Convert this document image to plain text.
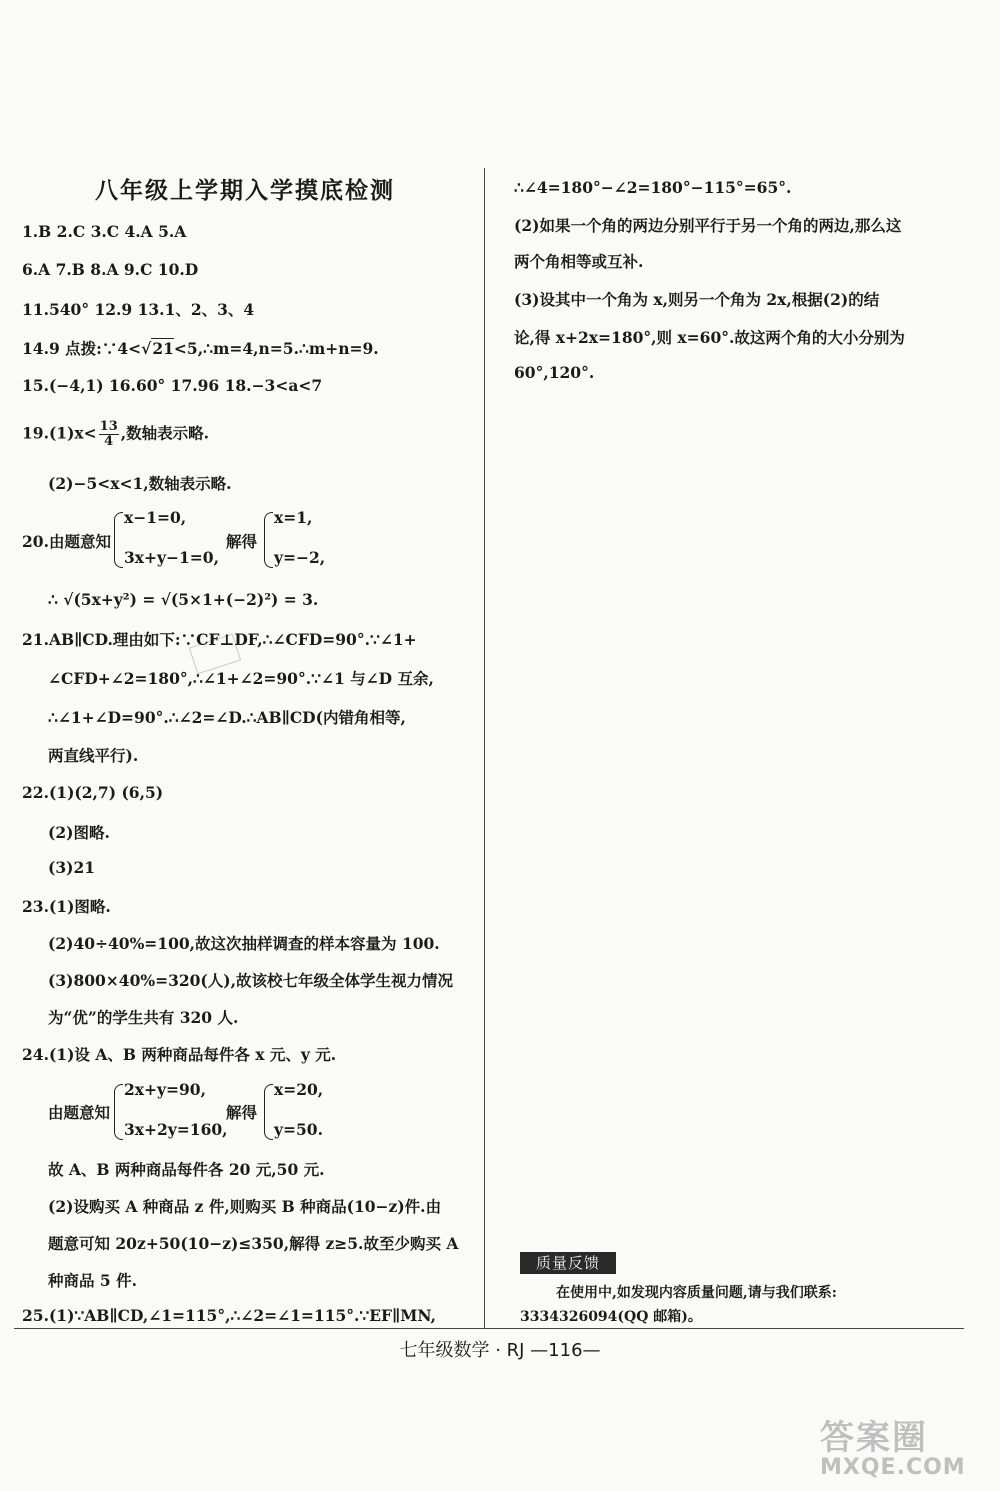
八年级上学期入学摸底检测
1.B 2.C 3.C 4.A 5.A
6.A 7.B 8.A 9.C 10.D
11.540° 12.9 13.1、2、3、4
14.9 点拨:∵4<√21<5,∴m=4,n=5.∴m+n=9.
15.(−4,1) 16.60° 17.96 18.−3<a<7
$19.(1)x< \frac{13}{4}$ ,数轴表示略.
(2)−5<x<1,数轴表示略.
20.由题意知
x−1=0,
3x+y−1=0,
解得
x=1,
y=−2,
∴ √(5x+y²) = √(5×1+(−2)²) = 3.
21.AB∥CD.理由如下:∵CF⊥DF,∴∠CFD=90°.∵∠1+
∠CFD+∠2=180°,∴∠1+∠2=90°.∵∠1 与∠D 互余,
∴∠1+∠D=90°.∴∠2=∠D.∴AB∥CD(内错角相等,
两直线平行).
22.(1)(2,7) (6,5)
(2)图略.
(3)21
23.(1)图略.
(2)40÷40%=100,故这次抽样调查的样本容量为 100.
(3)800×40%=320(人),故该校七年级全体学生视力情况
为“优”的学生共有 320 人.
24.(1)设 A、B 两种商品每件各 x 元、y 元.
由题意知
2x+y=90,
3x+2y=160,
解得
x=20,
y=50.
故 A、B 两种商品每件各 20 元,50 元.
(2)设购买 A 种商品 z 件,则购买 B 种商品(10−z)件.由
题意可知 20z+50(10−z)≤350,解得 z≥5.故至少购买 A
种商品 5 件.
25.(1)∵AB∥CD,∠1=115°,∴∠2=∠1=115°.∵EF∥MN,
∴∠4=180°−∠2=180°−115°=65°.
(2)如果一个角的两边分别平行于另一个角的两边,那么这
两个角相等或互补.
(3)设其中一个角为 x,则另一个角为 2x,根据(2)的结
论,得 x+2x=180°,则 x=60°.故这两个角的大小分别为
60°,120°.
质量反馈
在使用中,如发现内容质量问题,请与我们联系:
3334326094(QQ 邮箱)。
七年级数学 · RJ —116—
答案圈
MXQE.COM
